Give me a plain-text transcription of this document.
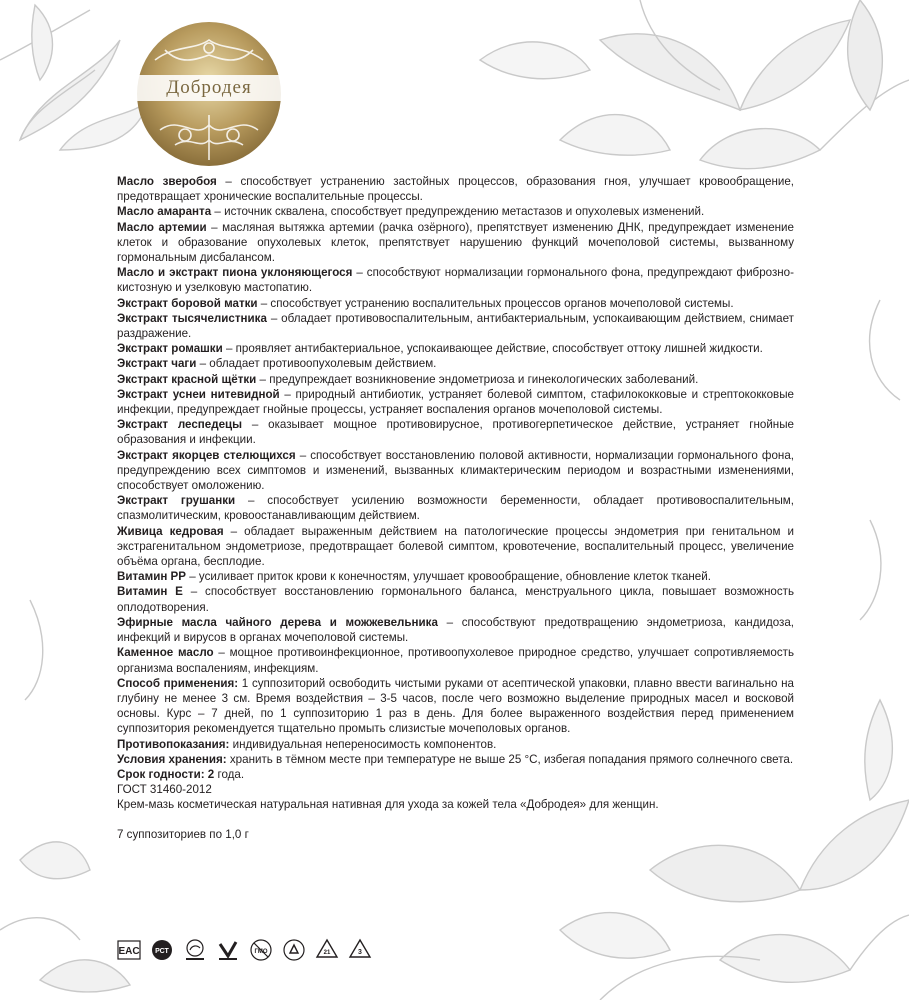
Добродея

Масло зверобоя – способствует устранению застойных процессов, образования гноя, улучшает кровообращение, предотвращает хронические воспалительные процессы.

Масло амаранта – источник сквалена, способствует предупреждению метастазов и опухолевых изменений.

Масло артемии – масляная вытяжка артемии (рачка озёрного), препятствует изменению ДНК, предупреждает изменение клеток и образование опухолевых клеток, препятствует нарушению функций мочеполовой системы, вызванному гормональным дисбалансом.

Масло и экстракт пиона уклоняющегося – способствуют нормализации гормонального фона, предупреждают фиброзно-кистозную и узелковую мастопатию.

Экстракт боровой матки – способствует устранению воспалительных процессов органов мочеполовой системы.

Экстракт тысячелистника – обладает противовоспалительным, антибактериальным, успокаивающим действием, снимает раздражение.

Экстракт ромашки – проявляет антибактериальное, успокаивающее действие, способствует оттоку лишней жидкости.

Экстракт чаги – обладает противоопухолевым действием.

Экстракт красной щётки – предупреждает возникновение эндометриоза и гинекологических заболеваний.

Экстракт уснеи нитевидной – природный антибиотик, устраняет болевой симптом, стафилококковые и стрептококковые инфекции, предупреждает гнойные процессы, устраняет воспаления органов мочеполовой системы.

Экстракт леспедецы – оказывает мощное противовирусное, противогерпетическое действие, устраняет гнойные образования и инфекции.

Экстракт якорцев стелющихся – способствует восстановлению половой активности, нормализации гормонального фона, предупреждению всех симптомов и изменений, вызванных климактерическим периодом и возрастными изменениями, способствует омоложению.

Экстракт грушанки – способствует усилению возможности беременности, обладает противовоспалительным, спазмолитическим, кровоостанавливающим действием.

Живица кедровая – обладает выраженным действием на патологические процессы эндометрия при генитальном и экстрагенитальном эндометриозе, предотвращает болевой симптом, кровотечение, воспалительный процесс, увеличение объёма органа, бесплодие.

Витамин РР – усиливает приток крови к конечностям, улучшает кровообращение, обновление клеток тканей.

Витамин Е – способствует восстановлению гормонального баланса, менструального цикла, повышает возможность оплодотворения.

Эфирные масла чайного дерева и можжевельника – способствуют предотвращению эндометриоза, кандидоза, инфекций и вирусов в органах мочеполовой системы.

Каменное масло – мощное противоинфекционное, противоопухолевое природное средство, улучшает сопротивляемость организма воспалениям, инфекциям.

Способ применения: 1 суппозиторий освободить чистыми руками от асептической упаковки, плавно ввести вагинально на глубину не менее 3 см. Время воздействия – 3-5 часов, после чего возможно выделение природных масел и восковой основы. Курс – 7 дней, по 1 суппозиторию 1 раз в день. Для более выраженного воздействия перед применением суппозитория рекомендуется тщательно промыть слизистые мочеполовых органов.

Противопоказания: индивидуальная непереносимость компонентов.

Условия хранения: хранить в тёмном месте при температуре не выше 25 °С, избегая попадания прямого солнечного света.

Срок годности: 2 года.

ГОСТ 31460-2012

Крем-мазь косметическая натуральная нативная для ухода за кожей тела «Добродея» для женщин.

7 суппозиториев по 1,0 г

EAC РСТ	ГМО	21	3
